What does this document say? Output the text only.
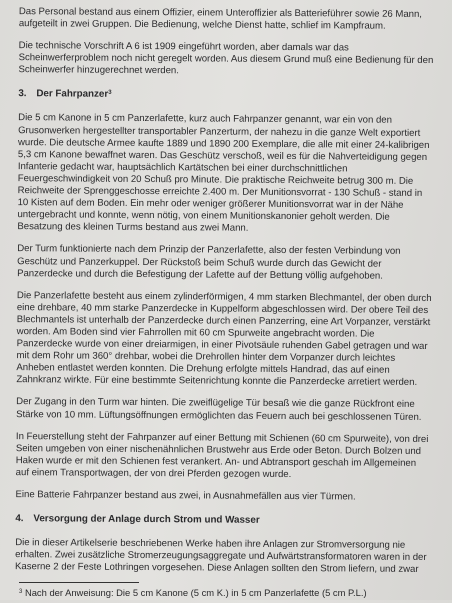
Das Personal bestand aus einem Offizier, einem Unteroffizier als Batterieführer sowie 26 Mann, aufgeteilt in zwei Gruppen. Die Bedienung, welche Dienst hatte, schlief im Kampfraum.

Die technische Vorschrift A 6 ist 1909 eingeführt worden, aber damals war das Scheinwerferproblem noch nicht geregelt worden. Aus diesem Grund muß eine Bedienung für den Scheinwerfer hinzugerechnet werden.

3. Der Fahrpanzer$^3$

Die 5 cm Kanone in 5 cm Panzerlafette, kurz auch Fahrpanzer genannt, war ein von den Grusonwerken hergestellter transportabler Panzerturm, der nahezu in die ganze Welt exportiert wurde. Die deutsche Armee kaufte 1889 und 1890 200 Exemplare, die alle mit einer 24-kalibrigen 5,3 cm Kanone bewaffnet waren. Das Geschütz verschoß, weil es für die Nahverteidigung gegen Infanterie gedacht war, hauptsächlich Kartätschen bei einer durchschnittlichen Feuergeschwindigkeit von 20 Schuß pro Minute. Die praktische Reichweite betrug 300 m. Die Reichweite der Sprenggeschosse erreichte 2.400 m. Der Munitionsvorrat - 130 Schuß - stand in 10 Kisten auf dem Boden. Ein mehr oder weniger größerer Munitionsvorrat war in der Nähe untergebracht und konnte, wenn nötig, von einem Munitionskanonier geholt werden. Die Besatzung des kleinen Turms bestand aus zwei Mann.

Der Turm funktionierte nach dem Prinzip der Panzerlafette, also der festen Verbindung von Geschütz und Panzerkuppel. Der Rückstoß beim Schuß wurde durch das Gewicht der Panzerdecke und durch die Befestigung der Lafette auf der Bettung völlig aufgehoben.

Die Panzerlafette besteht aus einem zylinderförmigen, 4 mm starken Blechmantel, der oben durch eine drehbare, 40 mm starke Panzerdecke in Kuppelform abgeschlossen wird. Der obere Teil des Blechmantels ist unterhalb der Panzerdecke durch einen Panzerring, eine Art Vorpanzer, verstärkt worden. Am Boden sind vier Fahrrollen mit 60 cm Spurweite angebracht worden. Die Panzerdecke wurde von einer dreiarmigen, in einer Pivotsäule ruhenden Gabel getragen und war mit dem Rohr um 360° drehbar, wobei die Drehrollen hinter dem Vorpanzer durch leichtes Anheben entlastet werden konnten. Die Drehung erfolgte mittels Handrad, das auf einen Zahnkranz wirkte. Für eine bestimmte Seitenrichtung konnte die Panzerdecke arretiert werden.

Der Zugang in den Turm war hinten. Die zweiflügelige Tür besaß wie die ganze Rückfront eine Stärke von 10 mm. Lüftungsöffnungen ermöglichten das Feuern auch bei geschlossenen Türen.

In Feuerstellung steht der Fahrpanzer auf einer Bettung mit Schienen (60 cm Spurweite), von drei Seiten umgeben von einer nischenähnlichen Brustwehr aus Erde oder Beton. Durch Bolzen und Haken wurde er mit den Schienen fest verankert. An- und Abtransport geschah im Allgemeinen auf einem Transportwagen, der von drei Pferden gezogen wurde.

Eine Batterie Fahrpanzer bestand aus zwei, in Ausnahmefällen aus vier Türmen.

4. Versorgung der Anlage durch Strom und Wasser

Die in dieser Artikelserie beschriebenen Werke haben ihre Anlagen zur Stromversorgung nie erhalten. Zwei zusätzliche Stromerzeugungsaggregate und Aufwärtstransformatoren waren in der Kaserne 2 der Feste Lothringen vorgesehen. Diese Anlagen sollten den Strom liefern, und zwar

$^3$ Nach der Anweisung: Die 5 cm Kanone (5 cm K.) in 5 cm Panzerlafette (5 cm P.L.)
